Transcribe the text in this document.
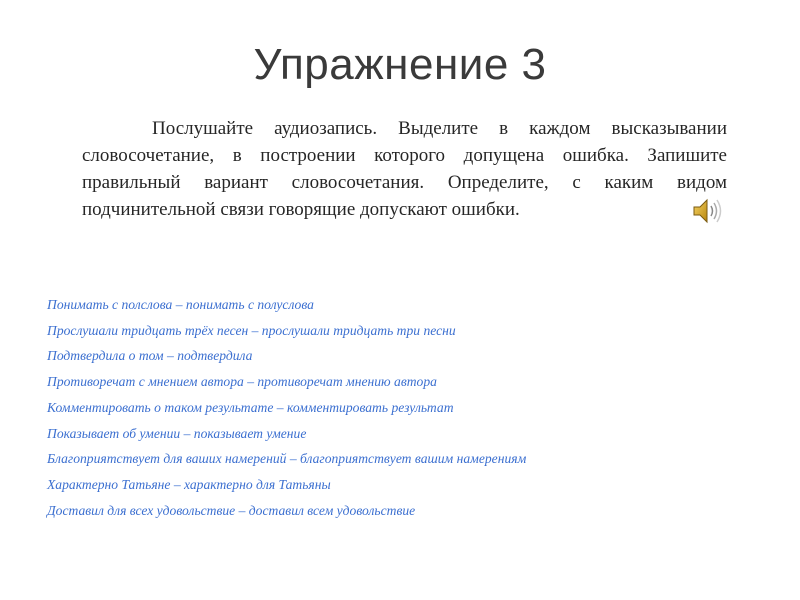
Упражнение 3

Послушайте аудиозапись. Выделите в каждом высказывании словосочетание, в построении которого допущена ошибка. Запишите правильный вариант словосочетания. Определите, с каким видом подчинительной связи говорящие допускают ошибки.

Понимать с полслова – понимать с полуслова
Прослушали тридцать трёх песен – прослушали тридцать три песни
Подтвердила о том – подтвердила
Противоречат с мнением автора – противоречат мнению автора
Комментировать о таком результате – комментировать результат
Показывает об умении – показывает умение
Благоприятствует для ваших намерений – благоприятствует вашим намерениям
Характерно Татьяне – характерно для Татьяны
Доставил для всех удовольствие – доставил всем удовольствие
